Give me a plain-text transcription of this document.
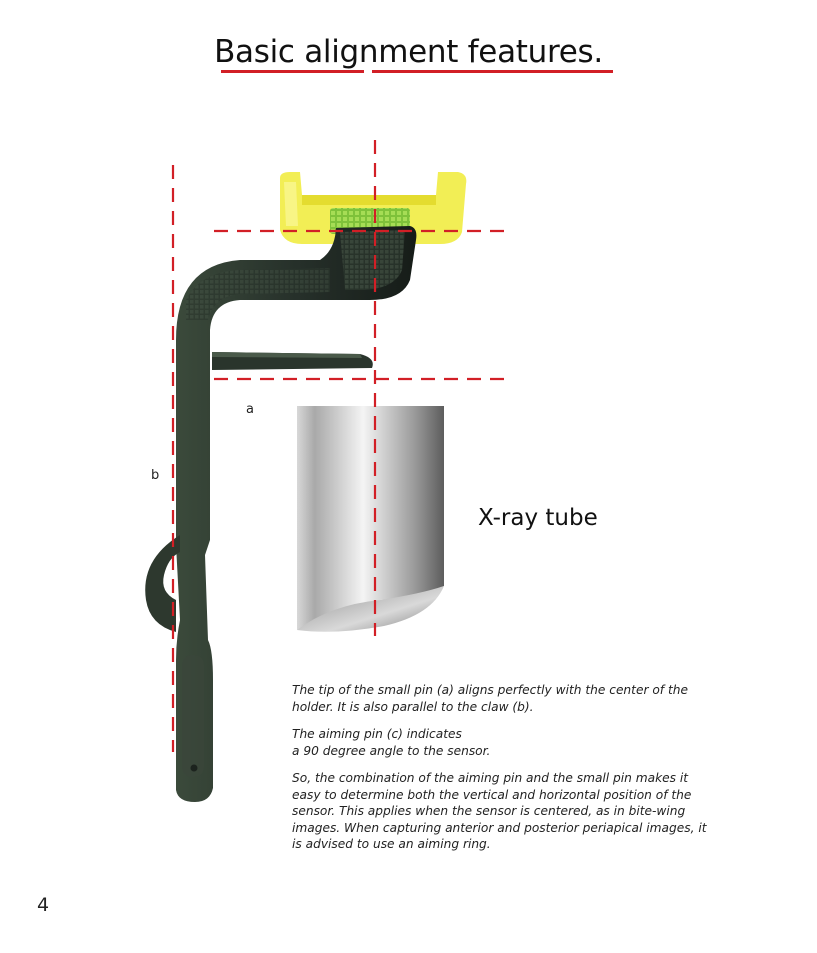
Basic alignment features.
a
b
X-ray tube

The tip of the small pin (a) aligns perfectly with the center of the holder. It is also parallel to the claw (b).

The aiming pin (c) indicates
a 90 degree angle to the sensor.

So, the combination of the aiming pin and the small pin makes it easy to determine both the vertical and horizontal position of the sensor. This applies when the sensor is centered, as in bite-wing images. When capturing anterior and posterior periapical images, it is advised to use an aiming ring.

4
